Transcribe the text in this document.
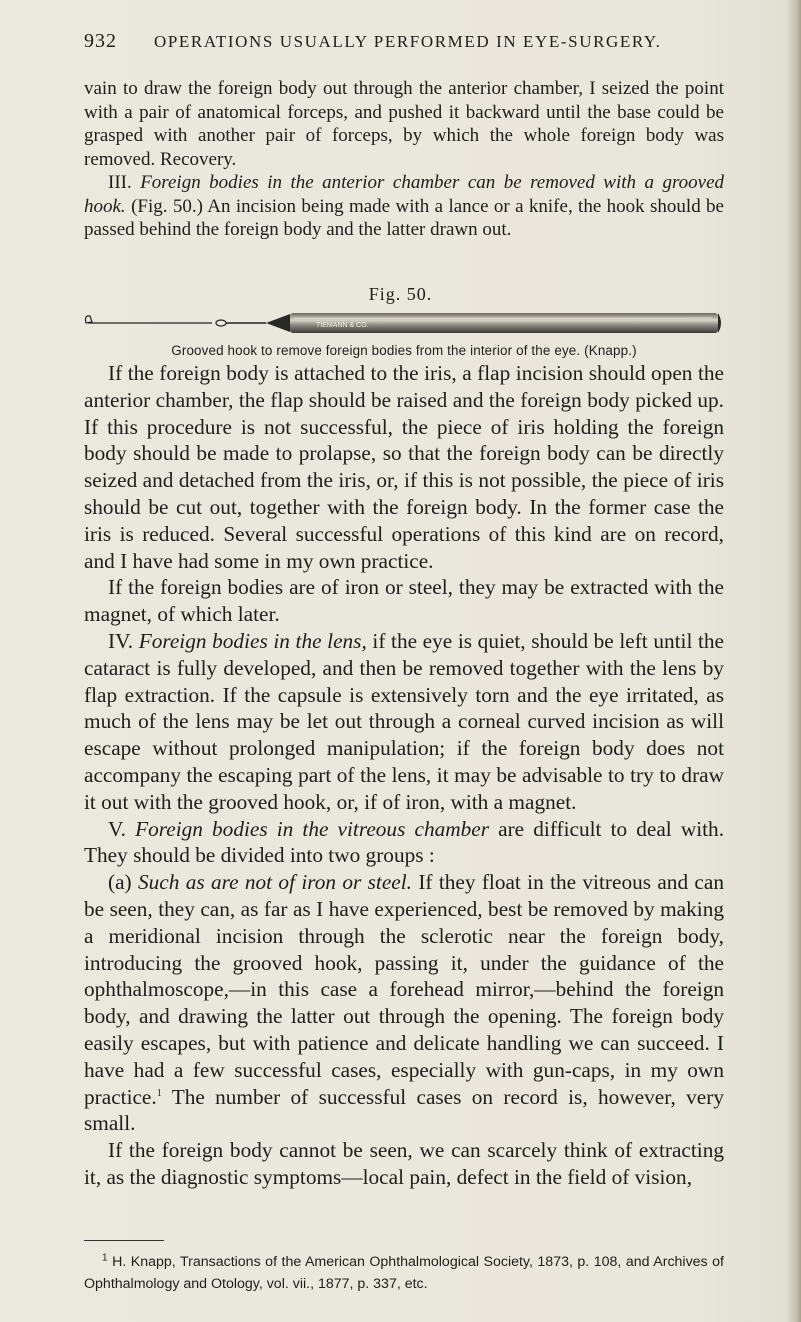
932 OPERATIONS USUALLY PERFORMED IN EYE-SURGERY.

vain to draw the foreign body out through the anterior chamber, I seized the point with a pair of anatomical forceps, and pushed it backward until the base could be grasped with another pair of forceps, by which the whole foreign body was removed. Recovery.

III. Foreign bodies in the anterior chamber can be removed with a grooved hook. (Fig. 50.) An incision being made with a lance or a knife, the hook should be passed behind the foreign body and the latter drawn out.

Fig. 50.
TIEMANN & CO.
Grooved hook to remove foreign bodies from the interior of the eye. (Knapp.)

If the foreign body is attached to the iris, a flap incision should open the anterior chamber, the flap should be raised and the foreign body picked up. If this procedure is not successful, the piece of iris holding the foreign body should be made to prolapse, so that the foreign body can be directly seized and detached from the iris, or, if this is not possible, the piece of iris should be cut out, together with the foreign body. In the former case the iris is reduced. Several successful operations of this kind are on record, and I have had some in my own practice.

If the foreign bodies are of iron or steel, they may be extracted with the magnet, of which later.

IV. Foreign bodies in the lens, if the eye is quiet, should be left until the cataract is fully developed, and then be removed together with the lens by flap extraction. If the capsule is extensively torn and the eye irritated, as much of the lens may be let out through a corneal curved incision as will escape without prolonged manipulation; if the foreign body does not accompany the escaping part of the lens, it may be advisable to try to draw it out with the grooved hook, or, if of iron, with a magnet.

V. Foreign bodies in the vitreous chamber are difficult to deal with. They should be divided into two groups :

(a) Such as are not of iron or steel. If they float in the vitreous and can be seen, they can, as far as I have experienced, best be removed by making a meridional incision through the sclerotic near the foreign body, introducing the grooved hook, passing it, under the guidance of the ophthalmoscope,—in this case a forehead mirror,—behind the foreign body, and drawing the latter out through the opening. The foreign body easily escapes, but with patience and delicate handling we can succeed. I have had a few successful cases, especially with gun-caps, in my own practice.$^1$ The number of successful cases on record is, however, very small.

If the foreign body cannot be seen, we can scarcely think of extracting it, as the diagnostic symptoms—local pain, defect in the field of vision,

$^1$ H. Knapp, Transactions of the American Ophthalmological Society, 1873, p. 108, and Archives of Ophthalmology and Otology, vol. vii., 1877, p. 337, etc.
